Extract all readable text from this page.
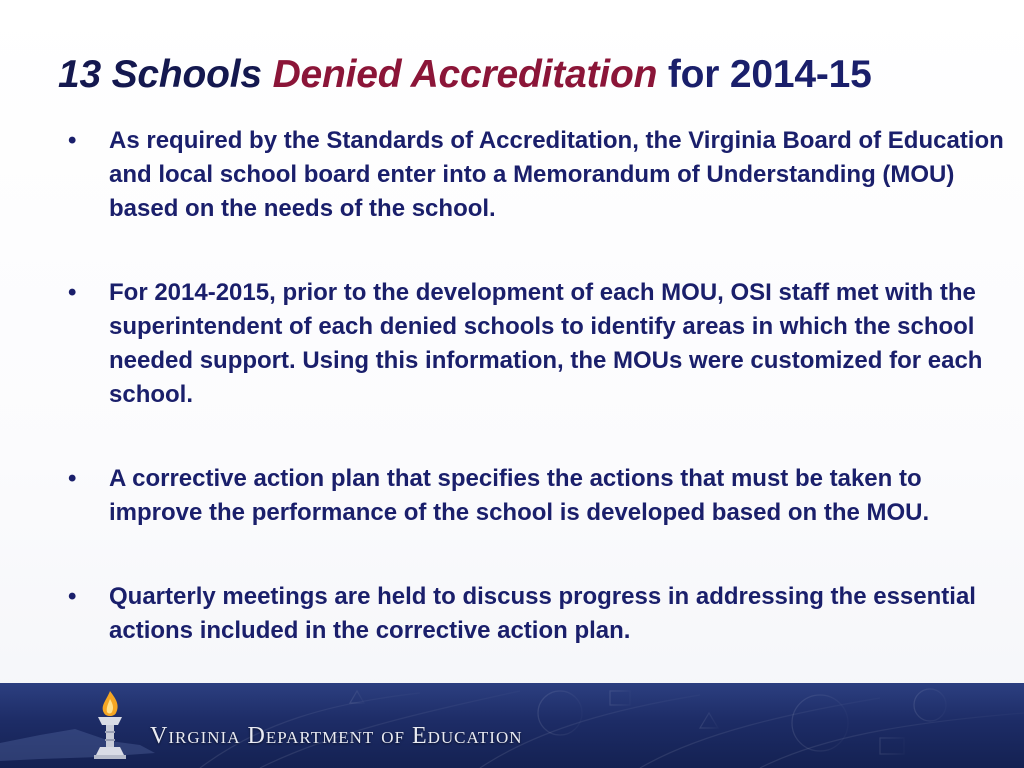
13 Schools Denied Accreditation for 2014-15
• As required by the Standards of Accreditation, the Virginia Board of Education and local school board enter into a Memorandum of Understanding (MOU) based on the needs of the school.
• For 2014-2015, prior to the development of each MOU, OSI staff met with the superintendent of each denied schools to identify areas in which the school needed support. Using this information, the MOUs were customized for each school.
• A corrective action plan that specifies the actions that must be taken to improve the performance of the school is developed based on the MOU.
• Quarterly meetings are held to discuss progress in addressing the essential actions included in the corrective action plan.
Virginia Department of Education
